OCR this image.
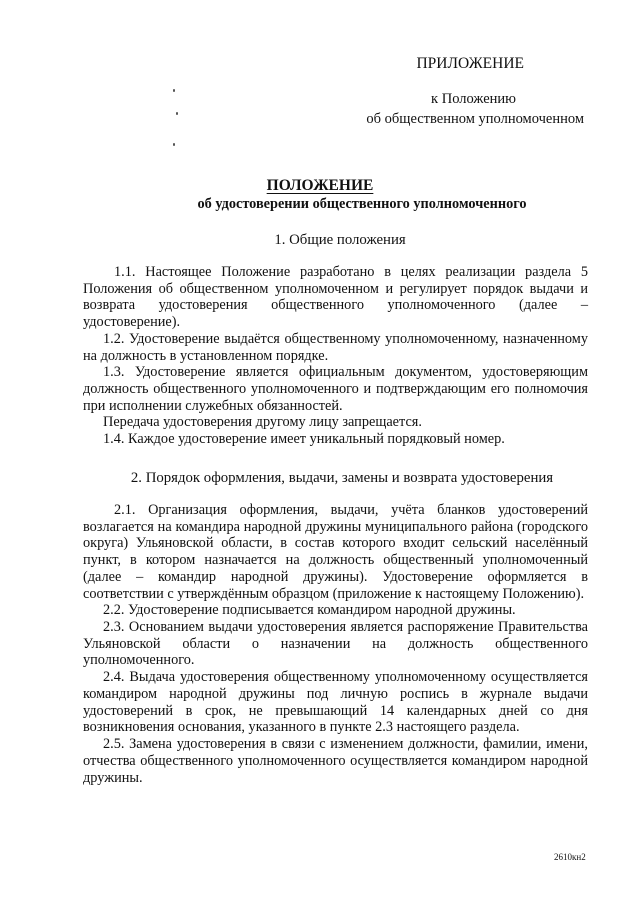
ПРИЛОЖЕНИЕ
к Положению
об общественном уполномоченном
ПОЛОЖЕНИЕ
об удостоверении общественного уполномоченного
1. Общие положения

1.1. Настоящее Положение разработано в целях реализации раздела 5 Положения об общественном уполномоченном и регулирует порядок выдачи и возврата удостоверения общественного уполномоченного (далее – удостоверение).

1.2. Удостоверение выдаётся общественному уполномоченному, назначенному на должность в установленном порядке.

1.3. Удостоверение является официальным документом, удостоверяющим должность общественного уполномоченного и подтверждающим его полномочия при исполнении служебных обязанностей.

Передача удостоверения другому лицу запрещается.

1.4. Каждое удостоверение имеет уникальный порядковый номер.

2. Порядок оформления, выдачи, замены и возврата удостоверения

2.1. Организация оформления, выдачи, учёта бланков удостоверений возлагается на командира народной дружины муниципального района (городского округа) Ульяновской области, в состав которого входит сельский населённый пункт, в котором назначается на должность общественный уполномоченный (далее – командир народной дружины). Удостоверение оформляется в соответствии с утверждённым образцом (приложение к настоящему Положению).

2.2. Удостоверение подписывается командиром народной дружины.

2.3. Основанием выдачи удостоверения является распоряжение Правительства Ульяновской области о назначении на должность общественного уполномоченного.

2.4. Выдача удостоверения общественному уполномоченному осуществляется командиром народной дружины под личную роспись в журнале выдачи удостоверений в срок, не превышающий 14 календарных дней со дня возникновения основания, указанного в пункте 2.3 настоящего раздела.

2.5. Замена удостоверения в связи с изменением должности, фамилии, имени, отчества общественного уполномоченного осуществляется командиром народной дружины.

2610кн2
